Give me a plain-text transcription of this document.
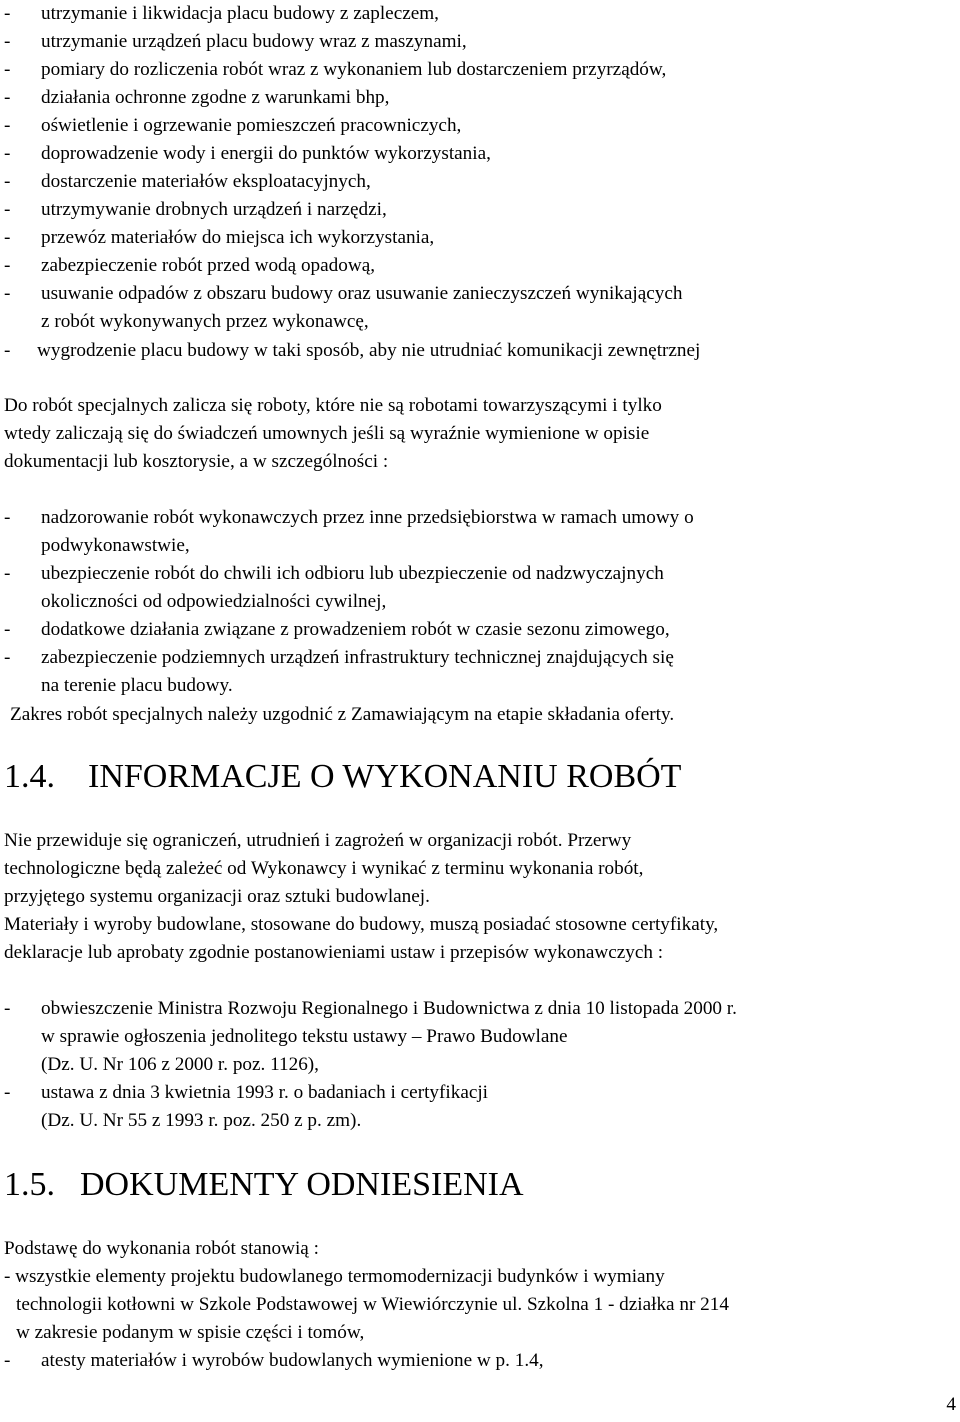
- utrzymanie i likwidacja placu budowy z zapleczem,
- utrzymanie urządzeń placu budowy wraz z maszynami,
- pomiary do rozliczenia robót wraz z wykonaniem lub dostarczeniem przyrządów,
- działania ochronne zgodne z warunkami bhp,
- oświetlenie i ogrzewanie pomieszczeń pracowniczych,
- doprowadzenie wody i energii do punktów wykorzystania,
- dostarczenie materiałów eksploatacyjnych,
- utrzymywanie drobnych urządzeń i narzędzi,
- przewóz materiałów do miejsca ich wykorzystania,
- zabezpieczenie robót przed wodą opadową,
- usuwanie odpadów z obszaru budowy oraz usuwanie zanieczyszczeń wynikających
z robót wykonywanych przez wykonawcę,
- wygrodzenie placu budowy w taki sposób, aby nie utrudniać komunikacji zewnętrznej
Do robót specjalnych zalicza się roboty, które nie są robotami towarzyszącymi i tylko
wtedy zaliczają się do świadczeń umownych jeśli są wyraźnie wymienione w opisie
dokumentacji lub kosztorysie, a w szczególności :
- nadzorowanie robót wykonawczych przez inne przedsiębiorstwa w ramach umowy o
podwykonawstwie,
- ubezpieczenie robót do chwili ich odbioru lub ubezpieczenie od nadzwyczajnych
okoliczności od odpowiedzialności cywilnej,
- dodatkowe działania związane z prowadzeniem robót w czasie sezonu zimowego,
- zabezpieczenie podziemnych urządzeń infrastruktury technicznej znajdujących się
na terenie placu budowy.
Zakres robót specjalnych należy uzgodnić z Zamawiającym na etapie składania oferty.
1.4. INFORMACJE O WYKONANIU ROBÓT
Nie przewiduje się ograniczeń, utrudnień i zagrożeń w organizacji robót. Przerwy
technologiczne będą zależeć od Wykonawcy i wynikać z terminu wykonania robót,
przyjętego systemu organizacji oraz sztuki budowlanej.
Materiały i wyroby budowlane, stosowane do budowy, muszą posiadać stosowne certyfikaty,
deklaracje lub aprobaty zgodnie postanowieniami ustaw i przepisów wykonawczych :
- obwieszczenie Ministra Rozwoju Regionalnego i Budownictwa z dnia 10 listopada 2000 r.
w sprawie ogłoszenia jednolitego tekstu ustawy – Prawo Budowlane
(Dz. U. Nr 106 z 2000 r. poz. 1126),
- ustawa z dnia 3 kwietnia 1993 r. o badaniach i certyfikacji
(Dz. U. Nr 55 z 1993 r. poz. 250 z p. zm).
1.5. DOKUMENTY ODNIESIENIA
Podstawę do wykonania robót stanowią :
- wszystkie elementy projektu budowlanego termomodernizacji budynków i wymiany
technologii kotłowni w Szkole Podstawowej w Wiewiórczynie ul. Szkolna 1 - działka nr 214
w zakresie podanym w spisie części i tomów,
- atesty materiałów i wyrobów budowlanych wymienione w p. 1.4,
4
